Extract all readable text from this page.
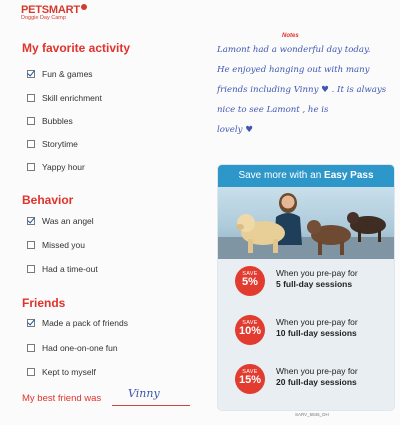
PETSMART
Doggie Day Camp
My favorite activity
Fun & games
Skill enrichment
Bubbles
Storytime
Yappy hour
Behavior
Was an angel
Missed you
Had a time-out
Friends
Made a pack of friends
Had one-on-one fun
Kept to myself
My best friend was Vinny
Notes
Lamont had a wonderful day today.
He enjoyed hanging out with many
friends including Vinny ♥ . It is always
nice to see Lamont , he is
lovely ♥
Save more with an Easy Pass
SAVE
5%
When you pre-pay for
5 full-day sessions
SAVE
10%
When you pre-pay for
10 full-day sessions
SAVE
15%
When you pre-pay for
20 full-day sessions
SARV_5845_DH
